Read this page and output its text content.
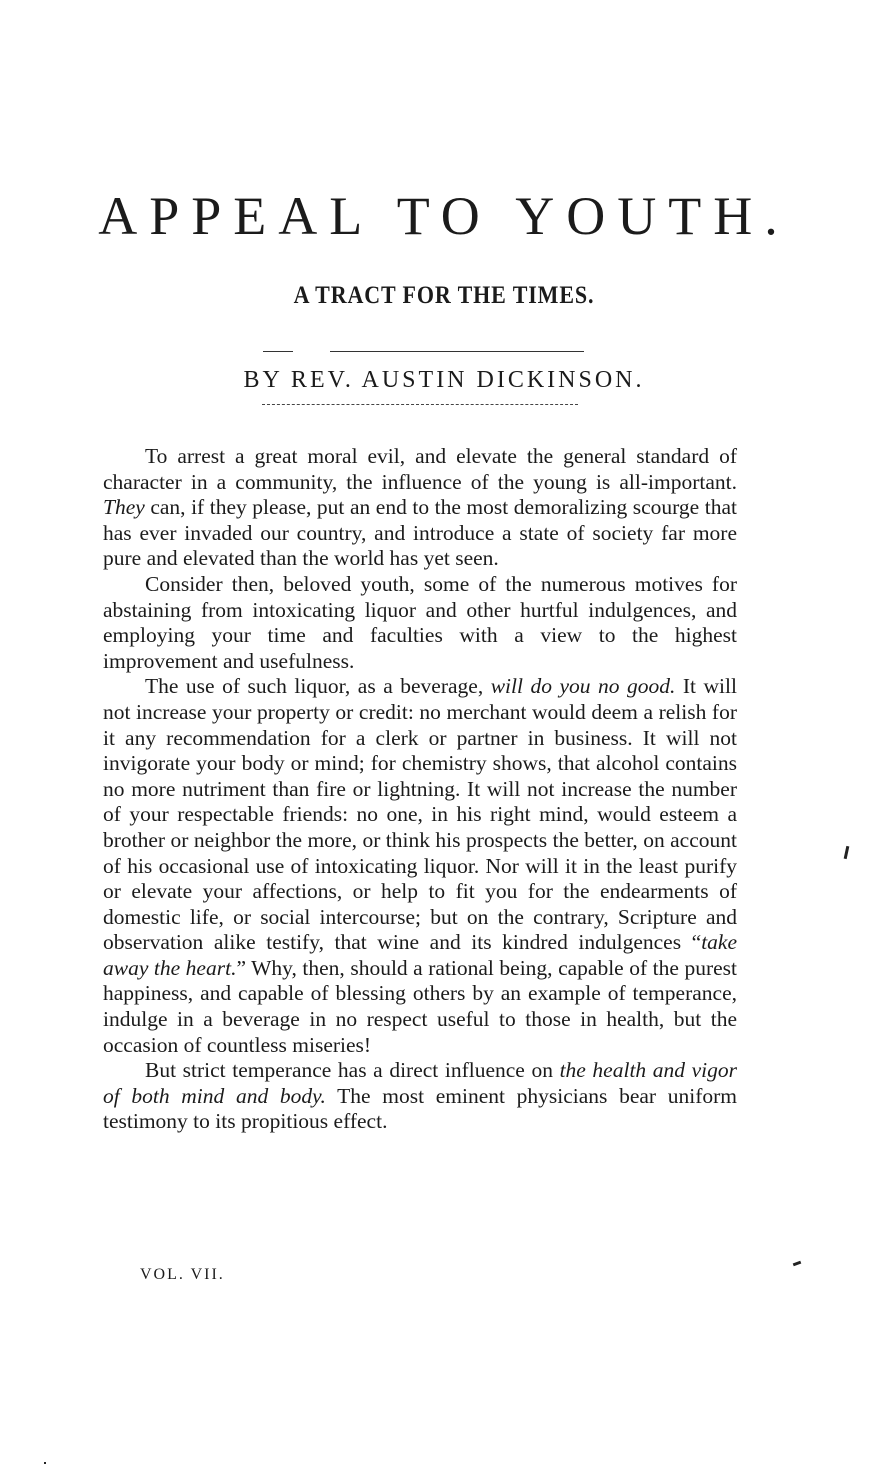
APPEAL TO YOUTH.
A TRACT FOR THE TIMES.
BY REV. AUSTIN DICKINSON.

To arrest a great moral evil, and elevate the general standard of character in a community, the influence of the young is all-important. They can, if they please, put an end to the most demoralizing scourge that has ever invaded our country, and introduce a state of society far more pure and elevated than the world has yet seen.

Consider then, beloved youth, some of the numerous motives for abstaining from intoxicating liquor and other hurtful indulgences, and employing your time and faculties with a view to the highest improvement and usefulness.

The use of such liquor, as a beverage, will do you no good. It will not increase your property or credit: no merchant would deem a relish for it any recommendation for a clerk or partner in business. It will not invigorate your body or mind; for chemistry shows, that alcohol contains no more nutriment than fire or lightning. It will not increase the number of your respectable friends: no one, in his right mind, would esteem a brother or neighbor the more, or think his prospects the better, on account of his occasional use of intoxicating liquor. Nor will it in the least purify or elevate your affections, or help to fit you for the endearments of domestic life, or social intercourse; but on the contrary, Scripture and observation alike testify, that wine and its kindred indulgences “take away the heart.” Why, then, should a rational being, capable of the purest happiness, and capable of blessing others by an example of temperance, indulge in a beverage in no respect useful to those in health, but the occasion of countless miseries!

But strict temperance has a direct influence on the health and vigor of both mind and body. The most eminent physicians bear uniform testimony to its propitious effect.

VOL. VII.
